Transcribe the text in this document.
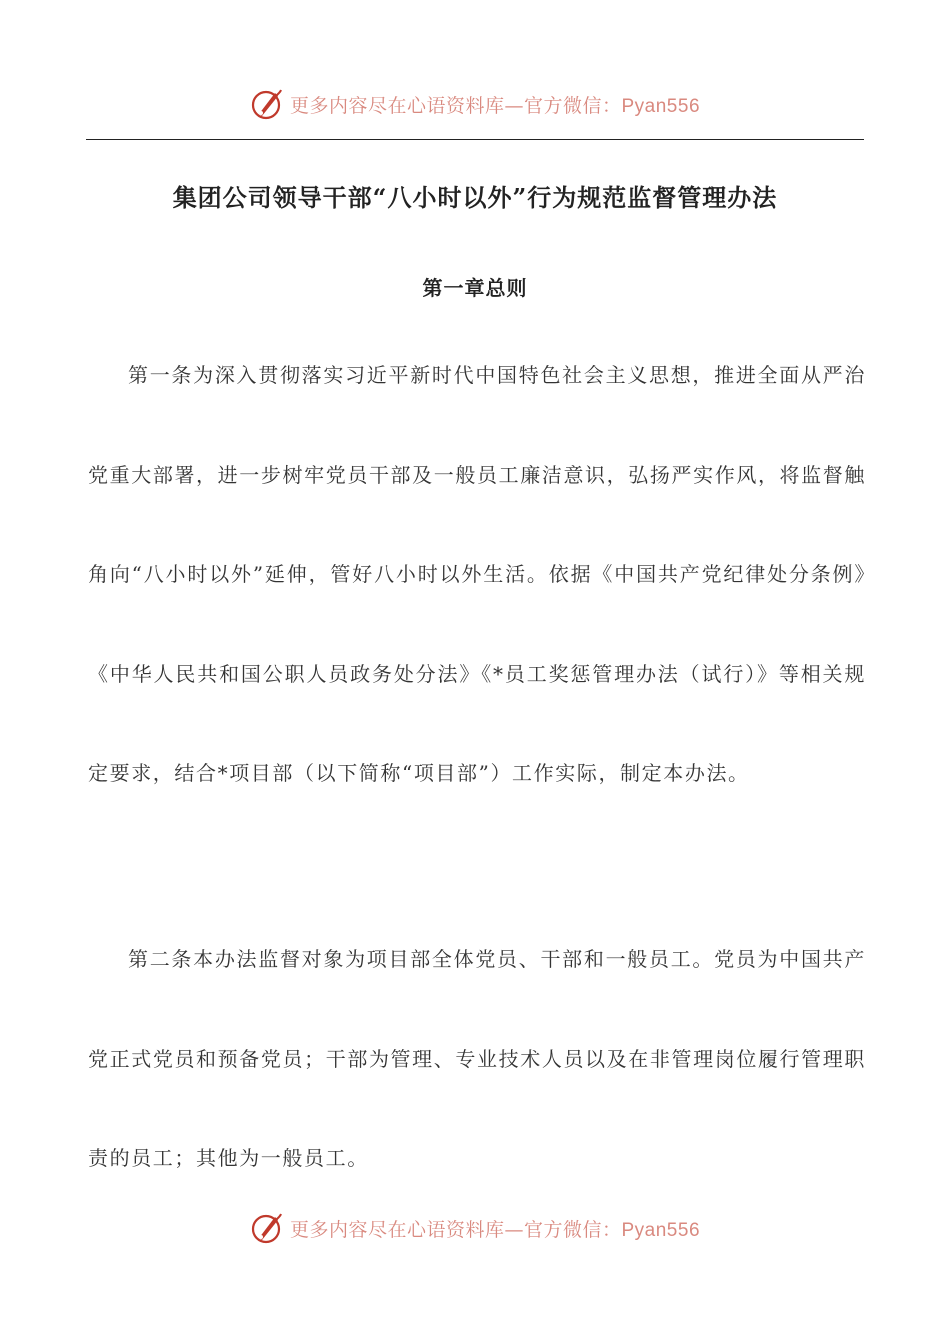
更多内容尽在心语资料库—官方微信：Pyan556
集团公司领导干部“八小时以外”行为规范监督管理办法
第一章总则

第一条为深入贯彻落实习近平新时代中国特色社会主义思想，推进全面从严治党重大部署，进一步树牢党员干部及一般员工廉洁意识，弘扬严实作风，将监督触角向“八小时以外”延伸，管好八小时以外生活。依据《中国共产党纪律处分条例》《中华人民共和国公职人员政务处分法》《*员工奖惩管理办法（试行）》等相关规定要求，结合*项目部（以下简称“项目部”）工作实际，制定本办法。

第二条本办法监督对象为项目部全体党员、干部和一般员工。党员为中国共产党正式党员和预备党员；干部为管理、专业技术人员以及在非管理岗位履行管理职责的员工；其他为一般员工。

更多内容尽在心语资料库—官方微信：Pyan556
